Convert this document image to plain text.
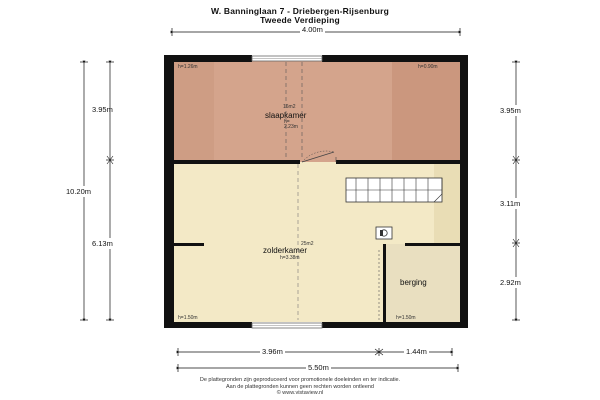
W. Banninglaan 7 - Driebergen-Rijsenburg
Tweede Verdieping
4.00m
3.95m
10.20m
6.13m
3.95m
3.11m
2.92m
3.96m	1.44m
5.50m
16m2
slaapkamer
h=
2.23m
25m2
zolderkamer
h=3.38m
berging
h=1.26m	h=0.90m
h=1.50m	h=1.50m
De plattegronden zijn geproduceerd voor promotionele doeleinden en ter indicatie.
Aan de plattegronden kunnen geen rechten worden ontleend
© www.vistaview.nl
